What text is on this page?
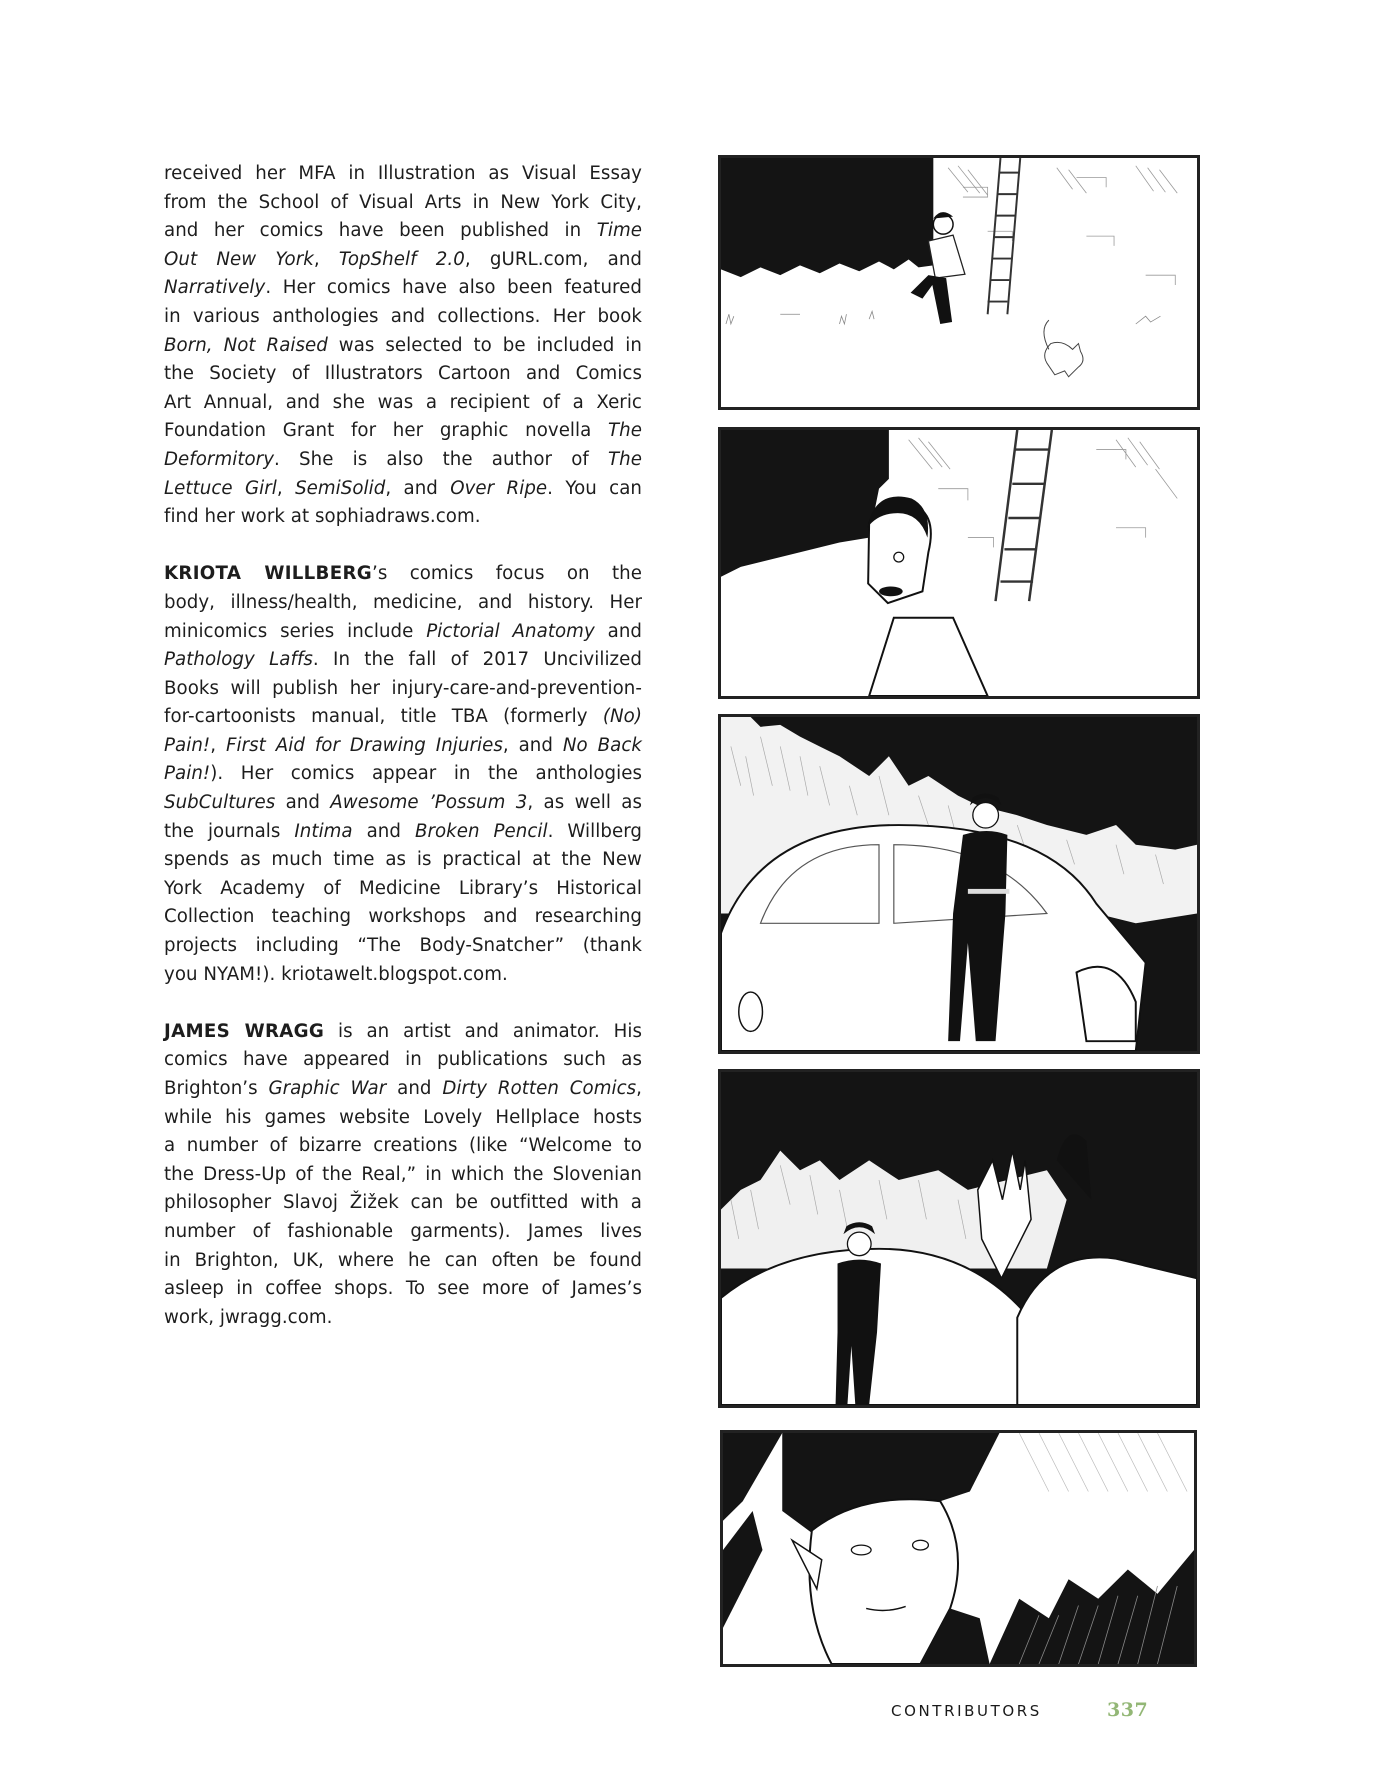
received her MFA in Illustration as Visual Essay
from the School of Visual Arts in New York City,
and her comics have been published in Time
Out New York, TopShelf 2.0, gURL.com, and
Narratively. Her comics have also been featured
in various anthologies and collections. Her book
Born, Not Raised was selected to be included in
the Society of Illustrators Cartoon and Comics
Art Annual, and she was a recipient of a Xeric
Foundation Grant for her graphic novella The
Deformitory. She is also the author of The
Lettuce Girl, SemiSolid, and Over Ripe. You can
find her work at sophiadraws.com.
KRIOTA WILLBERG’s comics focus on the
body, illness/health, medicine, and history. Her
minicomics series include Pictorial Anatomy and
Pathology Laffs. In the fall of 2017 Uncivilized
Books will publish her injury-care-and-prevention-
for-cartoonists manual, title TBA (formerly (No)
Pain!, First Aid for Drawing Injuries, and No Back
Pain!). Her comics appear in the anthologies
SubCultures and Awesome ’Possum 3, as well as
the journals Intima and Broken Pencil. Willberg
spends as much time as is practical at the New
York Academy of Medicine Library’s Historical
Collection teaching workshops and researching
projects including “The Body-Snatcher” (thank
you NYAM!). kriotawelt.blogspot.com.
JAMES WRAGG is an artist and animator. His
comics have appeared in publications such as
Brighton’s Graphic War and Dirty Rotten Comics,
while his games website Lovely Hellplace hosts
a number of bizarre creations (like “Welcome to
the Dress-Up of the Real,” in which the Slovenian
philosopher Slavoj Žižek can be outfitted with a
number of fashionable garments). James lives
in Brighton, UK, where he can often be found
asleep in coffee shops. To see more of James’s
work, jwragg.com.
CONTRIBUTORS	337
